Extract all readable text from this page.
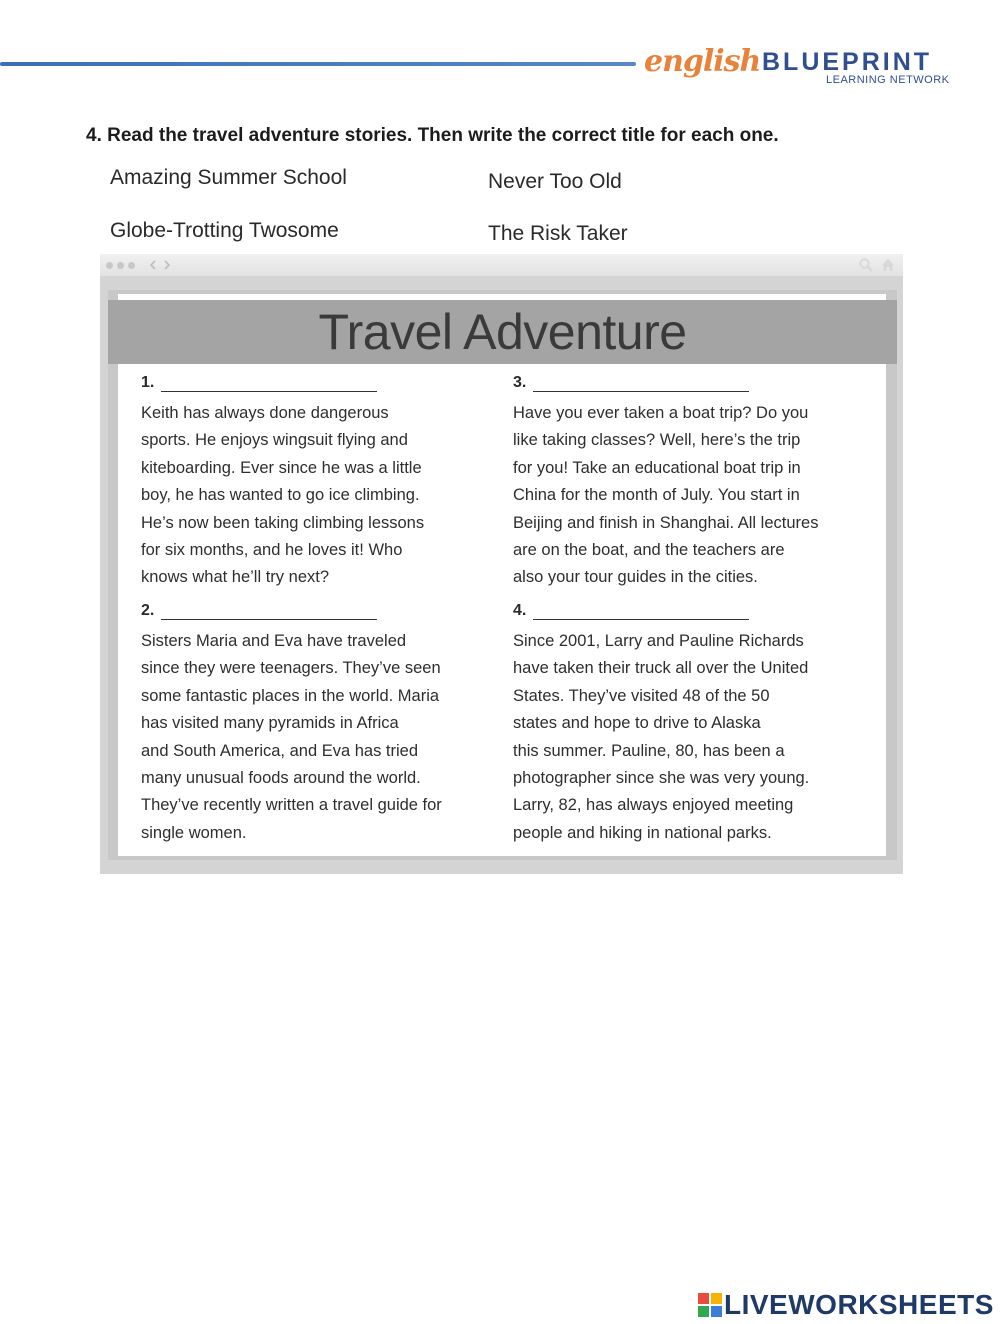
english BLUEPRINT
LEARNING NETWORK
4. Read the travel adventure stories. Then write the correct title for each one.
Amazing Summer School	Never Too Old
Globe-Trotting Twosome	The Risk Taker
Travel Adventure
1.
Keith has always done dangerous
sports. He enjoys wingsuit flying and
kiteboarding. Ever since he was a little
boy, he has wanted to go ice climbing.
He’s now been taking climbing lessons
for six months, and he loves it! Who
knows what he’ll try next?
2.
Sisters Maria and Eva have traveled
since they were teenagers. They’ve seen
some fantastic places in the world. Maria
has visited many pyramids in Africa
and South America, and Eva has tried
many unusual foods around the world.
They’ve recently written a travel guide for
single women.
3.
Have you ever taken a boat trip? Do you
like taking classes? Well, here’s the trip
for you! Take an educational boat trip in
China for the month of July. You start in
Beijing and finish in Shanghai. All lectures
are on the boat, and the teachers are
also your tour guides in the cities.
4.
Since 2001, Larry and Pauline Richards
have taken their truck all over the United
States. They’ve visited 48 of the 50
states and hope to drive to Alaska
this summer. Pauline, 80, has been a
photographer since she was very young.
Larry, 82, has always enjoyed meeting
people and hiking in national parks.
LIVEWORKSHEETS
